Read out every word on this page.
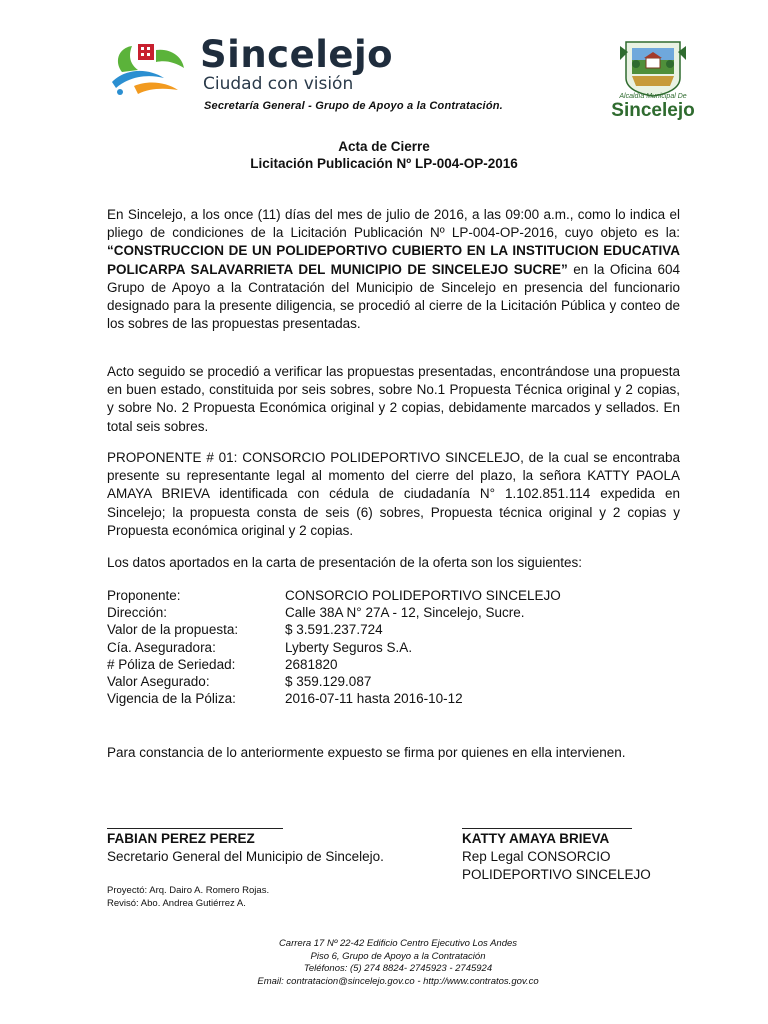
Sincelejo
Ciudad con visión
Secretaría General - Grupo de Apoyo a la Contratación.
Alcaldía Municipal De
Sincelejo
Acta de Cierre
Licitación Publicación Nº LP-004-OP-2016
En Sincelejo, a los once (11) días del mes de julio de 2016, a las 09:00 a.m., como lo indica el pliego de condiciones de la Licitación Publicación Nº LP-004-OP-2016, cuyo objeto es la: “CONSTRUCCION DE UN POLIDEPORTIVO CUBIERTO EN LA INSTITUCION EDUCATIVA POLICARPA SALAVARRIETA DEL MUNICIPIO DE SINCELEJO SUCRE” en la Oficina 604 Grupo de Apoyo a la Contratación del Municipio de Sincelejo en presencia del funcionario designado para la presente diligencia, se procedió al cierre de la Licitación Pública y conteo de los sobres de las propuestas presentadas.
Acto seguido se procedió a verificar las propuestas presentadas, encontrándose una propuesta en buen estado, constituida por seis sobres, sobre No.1 Propuesta Técnica original y 2 copias, y sobre No. 2 Propuesta Económica original y 2 copias, debidamente marcados y sellados. En total seis sobres.
PROPONENTE # 01: CONSORCIO POLIDEPORTIVO SINCELEJO, de la cual se encontraba presente su representante legal al momento del cierre del plazo, la señora KATTY PAOLA AMAYA BRIEVA identificada con cédula de ciudadanía N° 1.102.851.114 expedida en Sincelejo; la propuesta consta de seis (6) sobres, Propuesta técnica original y 2 copias y Propuesta económica original y 2 copias.
Los datos aportados en la carta de presentación de la oferta son los siguientes:
Proponente:	CONSORCIO POLIDEPORTIVO SINCELEJO
Dirección:	Calle 38A N° 27A - 12, Sincelejo, Sucre.
Valor de la propuesta:	$ 3.591.237.724
Cía. Aseguradora:	Lyberty Seguros S.A.
# Póliza de Seriedad:	2681820
Valor Asegurado:	$ 359.129.087
Vigencia de la Póliza:	2016-07-11 hasta 2016-10-12
Para constancia de lo anteriormente expuesto se firma por quienes en ella intervienen.
FABIAN PEREZ PEREZ
Secretario General del Municipio de Sincelejo.
KATTY AMAYA BRIEVA
Rep Legal CONSORCIO
POLIDEPORTIVO SINCELEJO
Proyectó: Arq. Dairo A. Romero Rojas.
Revisó: Abo. Andrea Gutiérrez A.
Carrera 17 Nº 22-42 Edificio Centro Ejecutivo Los Andes
Piso 6, Grupo de Apoyo a la Contratación
Teléfonos: (5) 274 8824- 2745923 - 2745924
Email: contratacion@sincelejo.gov.co - http://www.contratos.gov.co
